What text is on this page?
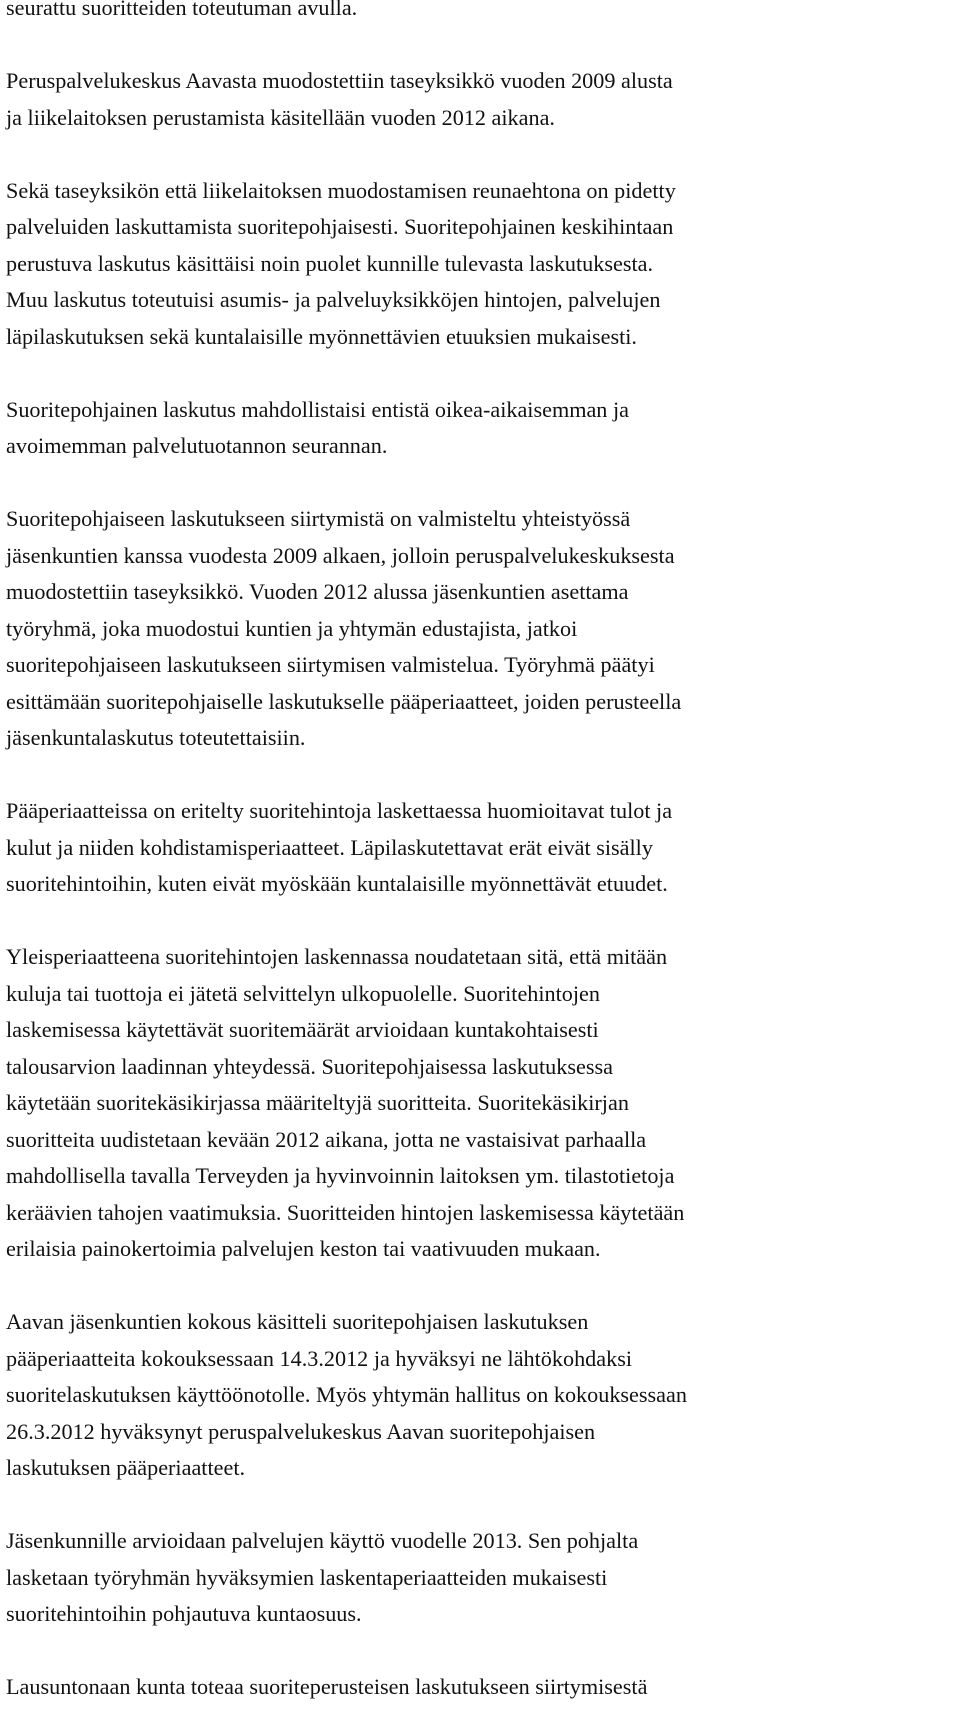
seurattu suoritteiden toteutuman avulla.
Peruspalvelukeskus Aavasta muodostettiin taseyksikkö vuoden 2009 alusta
ja liikelaitoksen perustamista käsitellään vuoden 2012 aikana.
Sekä taseyksikön että liikelaitoksen muodostamisen reunaehtona on pidetty
palveluiden laskuttamista suoritepohjaisesti. Suoritepohjainen keskihintaan
perustuva laskutus käsittäisi noin puolet kunnille tulevasta laskutuksesta.
Muu laskutus toteutuisi asumis- ja palveluyksikköjen hintojen, palvelujen
läpilaskutuksen sekä kuntalaisille myönnettävien etuuksien mukaisesti.
Suoritepohjainen laskutus mahdollistaisi entistä oikea-aikaisemman ja
avoimemman palvelutuotannon seurannan.
Suoritepohjaiseen laskutukseen siirtymistä on valmisteltu yhteistyössä
jäsenkuntien kanssa vuodesta 2009 alkaen, jolloin peruspalvelukeskuksesta
muodostettiin taseyksikkö. Vuoden 2012 alussa jäsenkuntien asettama
työryhmä, joka muodostui kuntien ja yhtymän edustajista, jatkoi
suoritepohjaiseen laskutukseen siirtymisen valmistelua. Työryhmä päätyi
esittämään suoritepohjaiselle laskutukselle pääperiaatteet, joiden perusteella
jäsenkuntalaskutus toteutettaisiin.
Pääperiaatteissa on eritelty suoritehintoja laskettaessa huomioitavat tulot ja
kulut ja niiden kohdistamisperiaatteet. Läpilaskutettavat erät eivät sisälly
suoritehintoihin, kuten eivät myöskään kuntalaisille myönnettävät etuudet.
Yleisperiaatteena suoritehintojen laskennassa noudatetaan sitä, että mitään
kuluja tai tuottoja ei jätetä selvittelyn ulkopuolelle. Suoritehintojen
laskemisessa käytettävät suoritemäärät arvioidaan kuntakohtaisesti
talousarvion laadinnan yhteydessä. Suoritepohjaisessa laskutuksessa
käytetään suoritekäsikirjassa määriteltyjä suoritteita. Suoritekäsikirjan
suoritteita uudistetaan kevään 2012 aikana, jotta ne vastaisivat parhaalla
mahdollisella tavalla Terveyden ja hyvinvoinnin laitoksen ym. tilastotietoja
keräävien tahojen vaatimuksia. Suoritteiden hintojen laskemisessa käytetään
erilaisia painokertoimia palvelujen keston tai vaativuuden mukaan.
Aavan jäsenkuntien kokous käsitteli suoritepohjaisen laskutuksen
pääperiaatteita kokouksessaan 14.3.2012 ja hyväksyi ne lähtökohdaksi
suoritelaskutuksen käyttöönotolle. Myös yhtymän hallitus on kokouksessaan
26.3.2012 hyväksynyt peruspalvelukeskus Aavan suoritepohjaisen
laskutuksen pääperiaatteet.
Jäsenkunnille arvioidaan palvelujen käyttö vuodelle 2013. Sen pohjalta
lasketaan työryhmän hyväksymien laskentaperiaatteiden mukaisesti
suoritehintoihin pohjautuva kuntaosuus.
Lausuntonaan kunta toteaa suoriteperusteisen laskutukseen siirtymisestä
